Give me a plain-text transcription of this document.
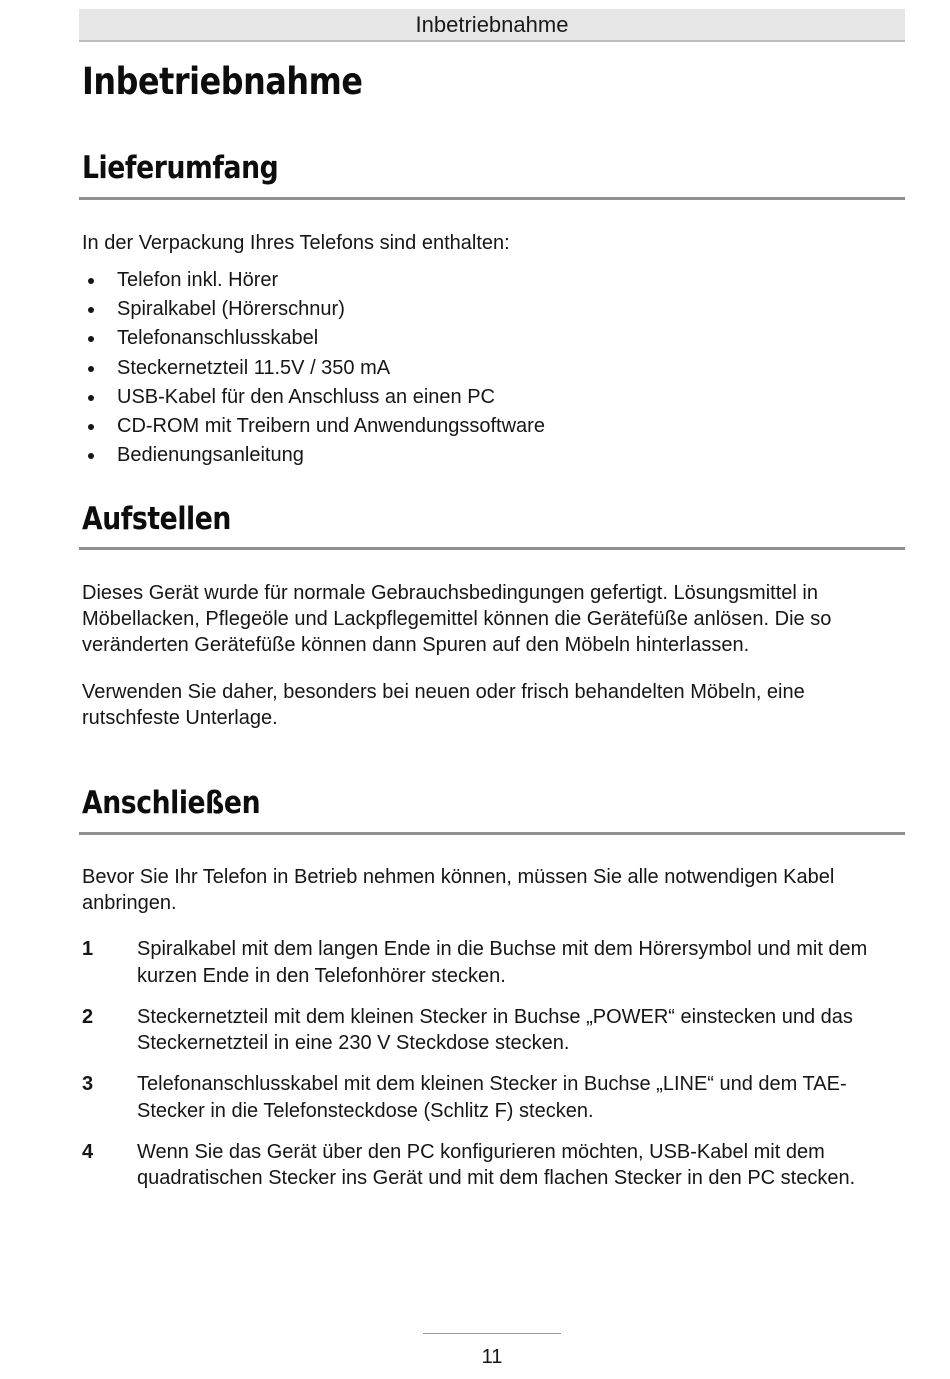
Inbetriebnahme
Inbetriebnahme
Lieferumfang

In der Verpackung Ihres Telefons sind enthalten:

Telefon inkl. Hörer
Spiralkabel (Hörerschnur)
Telefonanschlusskabel
Steckernetzteil 11.5V / 350 mA
USB-Kabel für den Anschluss an einen PC
CD-ROM mit Treibern und Anwendungssoftware
Bedienungsanleitung
Aufstellen

Dieses Gerät wurde für normale Gebrauchsbedingungen gefertigt. Lösungsmittel in Möbellacken, Pflegeöle und Lackpflegemittel können die Gerätefüße anlösen. Die so veränderten Gerätefüße können dann Spuren auf den Möbeln hinterlassen.

Verwenden Sie daher, besonders bei neuen oder frisch behandelten Möbeln, eine rutschfeste Unterlage.

Anschließen

Bevor Sie Ihr Telefon in Betrieb nehmen können, müssen Sie alle notwendigen Kabel anbringen.

1 Spiralkabel mit dem langen Ende in die Buchse mit dem Hörersymbol und mit dem kurzen Ende in den Telefonhörer stecken.
2 Steckernetzteil mit dem kleinen Stecker in Buchse „POWER“ einstecken und das Steckernetzteil in eine 230 V Steckdose stecken.
3 Telefonanschlusskabel mit dem kleinen Stecker in Buchse „LINE“ und dem TAE-Stecker in die Telefonsteckdose (Schlitz F) stecken.
4 Wenn Sie das Gerät über den PC konfigurieren möchten, USB-Kabel mit dem quadratischen Stecker ins Gerät und mit dem flachen Stecker in den PC stecken.
11
